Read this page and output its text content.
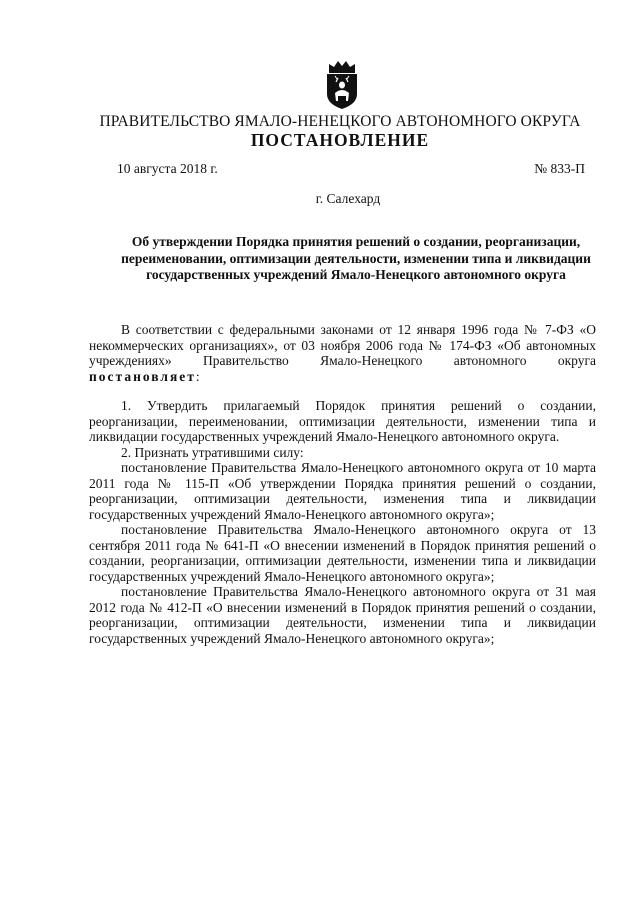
ПРАВИТЕЛЬСТВО ЯМАЛО-НЕНЕЦКОГО АВТОНОМНОГО ОКРУГА
ПОСТАНОВЛЕНИЕ
10 августа 2018 г.	№ 833-П
г. Салехард
Об утверждении Порядка принятия решений о создании, реорганизации, переименовании, оптимизации деятельности, изменении типа и ликвидации государственных учреждений Ямало-Ненецкого автономного округа

В соответствии с федеральными законами от 12 января 1996 года № 7-ФЗ «О некоммерческих организациях», от 03 ноября 2006 года № 174-ФЗ «Об автономных учреждениях» Правительство Ямало-Ненецкого автономного округа постановляет:

1. Утвердить прилагаемый Порядок принятия решений о создании, реорганизации, переименовании, оптимизации деятельности, изменении типа и ликвидации государственных учреждений Ямало-Ненецкого автономного округа.

2. Признать утратившими силу:

постановление Правительства Ямало-Ненецкого автономного округа от 10 марта 2011 года № 115-П «Об утверждении Порядка принятия решений о создании, реорганизации, оптимизации деятельности, изменения типа и ликвидации государственных учреждений Ямало-Ненецкого автономного округа»;

постановление Правительства Ямало-Ненецкого автономного округа от 13 сентября 2011 года № 641-П «О внесении изменений в Порядок принятия решений о создании, реорганизации, оптимизации деятельности, изменении типа и ликвидации государственных учреждений Ямало-Ненецкого автономного округа»;

постановление Правительства Ямало-Ненецкого автономного округа от 31 мая 2012 года № 412-П «О внесении изменений в Порядок принятия решений о создании, реорганизации, оптимизации деятельности, изменении типа и ликвидации государственных учреждений Ямало-Ненецкого автономного округа»;
